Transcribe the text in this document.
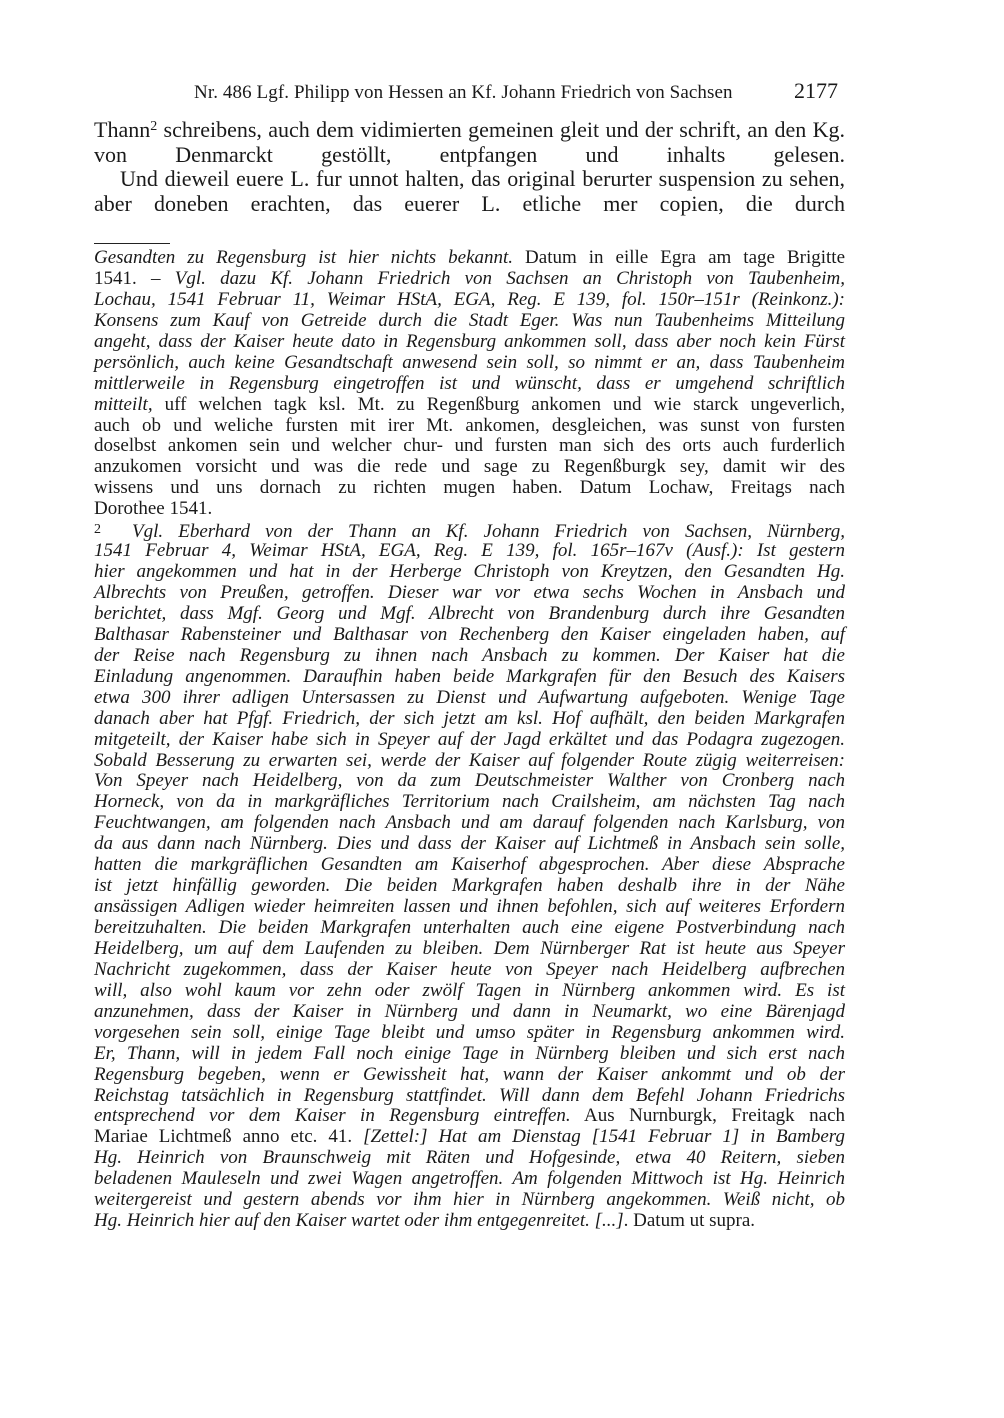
Nr. 486 Lgf. Philipp von Hessen an Kf. Johann Friedrich von Sachsen	2177

Thann$^2$ schreibens, auch dem vidimierten gemeinen gleit und der schrift, an den Kg. von Denmarckt gestöllt, entpfangen und inhalts gelesen.

Und dieweil euere L. fur unnot halten, das original berurter suspension zu sehen, aber doneben erachten, das euerer L. etliche mer copien, die durch

Gesandten zu Regensburg ist hier nichts bekannt. Datum in eille Egra am tage Brigitte
1541. – Vgl. dazu Kf. Johann Friedrich von Sachsen an Christoph von Taubenheim,
Lochau, 1541 Februar 11, Weimar HStA, EGA, Reg. E 139, fol. 150r–151r (Reinkonz.):
Konsens zum Kauf von Getreide durch die Stadt Eger. Was nun Taubenheims Mitteilung
angeht, dass der Kaiser heute dato in Regensburg ankommen soll, dass aber noch kein Fürst
persönlich, auch keine Gesandtschaft anwesend sein soll, so nimmt er an, dass Taubenheim
mittlerweile in Regensburg eingetroffen ist und wünscht, dass er umgehend schriftlich
mitteilt, uff welchen tagk ksl. Mt. zu Regenßburg ankomen und wie starck ungeverlich,
auch ob und weliche fursten mit irer Mt. ankomen, desgleichen, was sunst von fursten
doselbst ankomen sein und welcher chur- und fursten man sich des orts auch furderlich
anzukomen vorsicht und was die rede und sage zu Regenßburgk sey, damit wir des
wissens und uns dornach zu richten mugen haben. Datum Lochaw, Freitags nach
Dorothee 1541.
2 Vgl. Eberhard von der Thann an Kf. Johann Friedrich von Sachsen, Nürnberg,
1541 Februar 4, Weimar HStA, EGA, Reg. E 139, fol. 165r–167v (Ausf.): Ist gestern
hier angekommen und hat in der Herberge Christoph von Kreytzen, den Gesandten Hg.
Albrechts von Preußen, getroffen. Dieser war vor etwa sechs Wochen in Ansbach und
berichtet, dass Mgf. Georg und Mgf. Albrecht von Brandenburg durch ihre Gesandten
Balthasar Rabensteiner und Balthasar von Rechenberg den Kaiser eingeladen haben, auf
der Reise nach Regensburg zu ihnen nach Ansbach zu kommen. Der Kaiser hat die
Einladung angenommen. Daraufhin haben beide Markgrafen für den Besuch des Kaisers
etwa 300 ihrer adligen Untersassen zu Dienst und Aufwartung aufgeboten. Wenige Tage
danach aber hat Pfgf. Friedrich, der sich jetzt am ksl. Hof aufhält, den beiden Markgrafen
mitgeteilt, der Kaiser habe sich in Speyer auf der Jagd erkältet und das Podagra zugezogen.
Sobald Besserung zu erwarten sei, werde der Kaiser auf folgender Route zügig weiterreisen:
Von Speyer nach Heidelberg, von da zum Deutschmeister Walther von Cronberg nach
Horneck, von da in markgräfliches Territorium nach Crailsheim, am nächsten Tag nach
Feuchtwangen, am folgenden nach Ansbach und am darauf folgenden nach Karlsburg, von
da aus dann nach Nürnberg. Dies und dass der Kaiser auf Lichtmeß in Ansbach sein solle,
hatten die markgräflichen Gesandten am Kaiserhof abgesprochen. Aber diese Absprache
ist jetzt hinfällig geworden. Die beiden Markgrafen haben deshalb ihre in der Nähe
ansässigen Adligen wieder heimreiten lassen und ihnen befohlen, sich auf weiteres Erfordern
bereitzuhalten. Die beiden Markgrafen unterhalten auch eine eigene Postverbindung nach
Heidelberg, um auf dem Laufenden zu bleiben. Dem Nürnberger Rat ist heute aus Speyer
Nachricht zugekommen, dass der Kaiser heute von Speyer nach Heidelberg aufbrechen
will, also wohl kaum vor zehn oder zwölf Tagen in Nürnberg ankommen wird. Es ist
anzunehmen, dass der Kaiser in Nürnberg und dann in Neumarkt, wo eine Bärenjagd
vorgesehen sein soll, einige Tage bleibt und umso später in Regensburg ankommen wird.
Er, Thann, will in jedem Fall noch einige Tage in Nürnberg bleiben und sich erst nach
Regensburg begeben, wenn er Gewissheit hat, wann der Kaiser ankommt und ob der
Reichstag tatsächlich in Regensburg stattfindet. Will dann dem Befehl Johann Friedrichs
entsprechend vor dem Kaiser in Regensburg eintreffen. Aus Nurnburgk, Freitagk nach
Mariae Lichtmeß anno etc. 41. [Zettel:] Hat am Dienstag [1541 Februar 1] in Bamberg
Hg. Heinrich von Braunschweig mit Räten und Hofgesinde, etwa 40 Reitern, sieben
beladenen Mauleseln und zwei Wagen angetroffen. Am folgenden Mittwoch ist Hg. Heinrich
weitergereist und gestern abends vor ihm hier in Nürnberg angekommen. Weiß nicht, ob
Hg. Heinrich hier auf den Kaiser wartet oder ihm entgegenreitet. [...]. Datum ut supra.
